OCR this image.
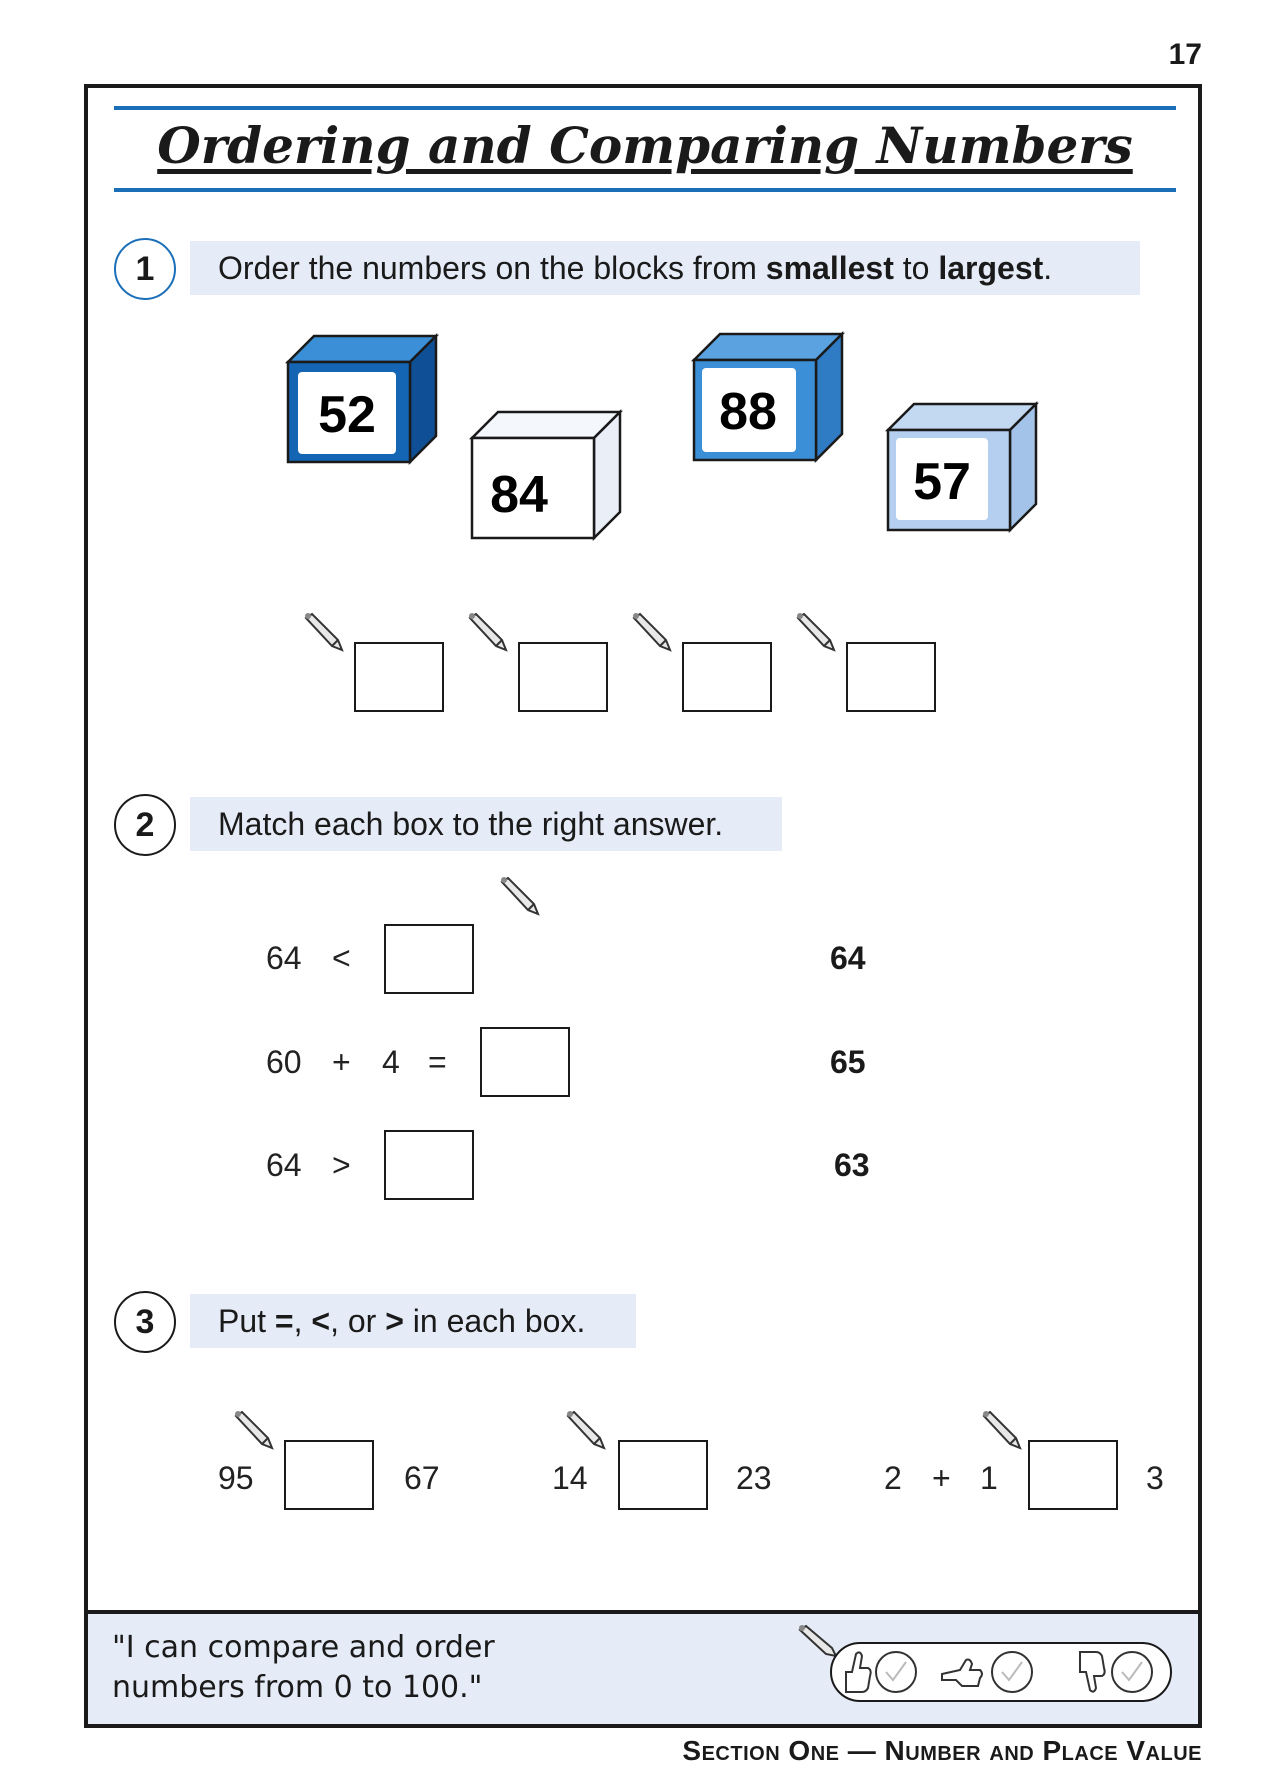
17
Ordering and Comparing Numbers
1	Order the numbers on the blocks from smallest to largest .
52
84
88
57
2	Match each box to the right answer.
64 <	64
60 + 4 =	65
64 >	63
3	Put = , < , or > in each box.
95	67	14	23	2 + 1	3
"I can compare and order
numbers from 0 to 100."
Section One — Number and Place Value
